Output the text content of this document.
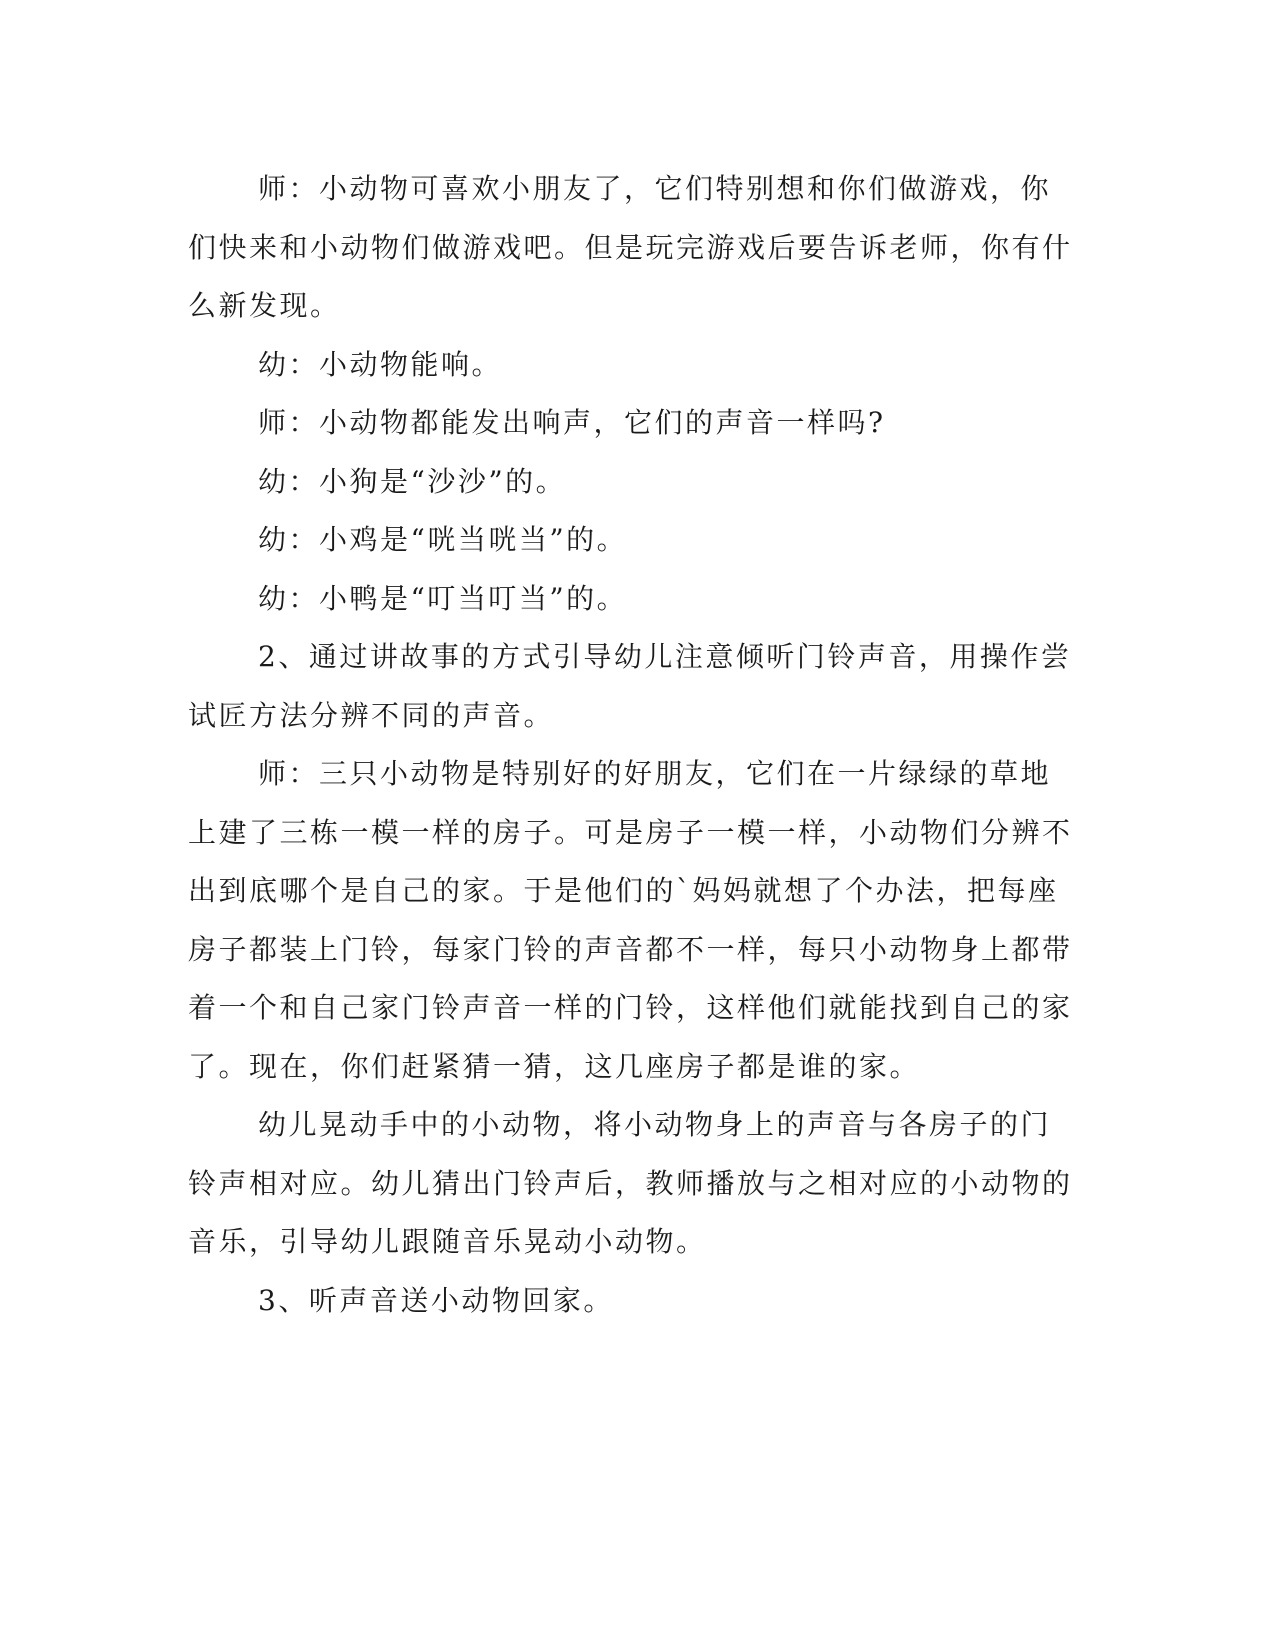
师：小动物可喜欢小朋友了，它们特别想和你们做游戏，你们快来和小动物们做游戏吧。但是玩完游戏后要告诉老师，你有什么新发现。

幼：小动物能响。

师：小动物都能发出响声，它们的声音一样吗?

幼：小狗是“沙沙”的。

幼：小鸡是“咣当咣当”的。

幼：小鸭是“叮当叮当”的。

2、通过讲故事的方式引导幼儿注意倾听门铃声音，用操作尝试匠方法分辨不同的声音。

师：三只小动物是特别好的好朋友，它们在一片绿绿的草地上建了三栋一模一样的房子。可是房子一模一样，小动物们分辨不出到底哪个是自己的家。于是他们的`妈妈就想了个办法，把每座房子都装上门铃，每家门铃的声音都不一样，每只小动物身上都带着一个和自己家门铃声音一样的门铃，这样他们就能找到自己的家了。现在，你们赶紧猜一猜，这几座房子都是谁的家。

幼儿晃动手中的小动物，将小动物身上的声音与各房子的门铃声相对应。幼儿猜出门铃声后，教师播放与之相对应的小动物的音乐，引导幼儿跟随音乐晃动小动物。

3、听声音送小动物回家。
